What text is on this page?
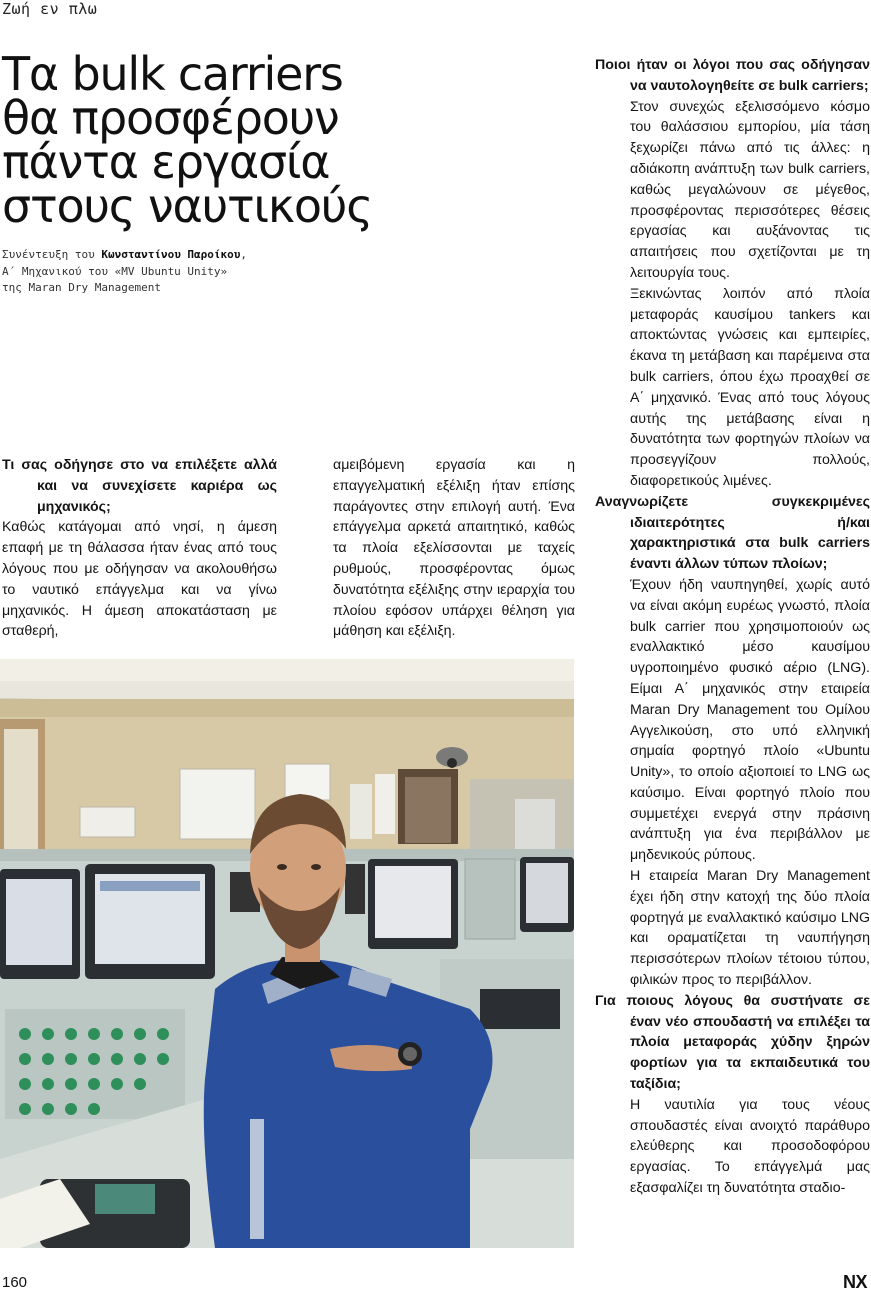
Ζωή εν πλω
Τα bulk carriers
θα προσφέρουν
πάντα εργασία
στους ναυτικούς
Συνέντευξη του Κωνσταντίνου Παροίκου,
Α΄ Μηχανικού του «MV Ubuntu Unity»
της Maran Dry Management

Τι σας οδήγησε στο να επιλέξετε αλλά και να συνεχίσετε καριέρα ως μηχανικός;

Καθώς κατάγομαι από νησί, η άμεση επαφή με τη θάλασσα ήταν ένας από τους λόγους που με οδήγησαν να ακολουθήσω το ναυτικό επάγγελμα και να γίνω μηχανικός. Η άμεση αποκατάσταση με σταθερή,

αμειβόμενη εργασία και η επαγγελματική εξέλιξη ήταν επίσης παράγοντες στην επιλογή αυτή. Ένα επάγγελμα αρκετά απαιτητικό, καθώς τα πλοία εξελίσσονται με ταχείς ρυθμούς, προσφέροντας όμως δυνατότητα εξέλιξης στην ιεραρχία του πλοίου εφόσον υπάρχει θέληση για μάθηση και εξέλιξη.

Ποιοι ήταν οι λόγοι που σας οδήγησαν να ναυτολογηθείτε σε bulk carriers;

Στον συνεχώς εξελισσόμενο κόσμο του θαλάσσιου εμπορίου, μία τάση ξεχωρίζει πάνω από τις άλλες: η αδιάκοπη ανάπτυξη των bulk carriers, καθώς μεγαλώνουν σε μέγεθος, προσφέροντας περισσότερες θέσεις εργασίας και αυξάνοντας τις απαιτήσεις που σχετίζονται με τη λειτουργία τους.

Ξεκινώντας λοιπόν από πλοία μεταφοράς καυσίμου tankers και αποκτώντας γνώσεις και εμπειρίες, έκανα τη μετάβαση και παρέμεινα στα bulk carriers, όπου έχω προαχθεί σε Α΄ μηχανικό. Ένας από τους λόγους αυτής της μετάβασης είναι η δυνατότητα των φορτηγών πλοίων να προσεγγίζουν πολλούς, διαφορετικούς λιμένες.

Αναγνωρίζετε συγκεκριμένες ιδιαιτερότητες ή/και χαρακτηριστικά στα bulk carriers έναντι άλλων τύπων πλοίων;

Έχουν ήδη ναυπηγηθεί, χωρίς αυτό να είναι ακόμη ευρέως γνωστό, πλοία bulk carrier που χρησιμοποιούν ως εναλλακτικό μέσο καυσίμου υγροποιημένο φυσικό αέριο (LNG). Είμαι Α΄ μηχανικός στην εταιρεία Maran Dry Management του Ομίλου Αγγελικούση, στο υπό ελληνική σημαία φορτηγό πλοίο «Ubuntu Unity», το οποίο αξιοποιεί το LNG ως καύσιμο. Είναι φορτηγό πλοίο που συμμετέχει ενεργά στην πράσινη ανάπτυξη για ένα περιβάλλον με μηδενικούς ρύπους.

Η εταιρεία Maran Dry Management έχει ήδη στην κατοχή της δύο πλοία φορτηγά με εναλλακτικό καύσιμο LNG και οραματίζεται τη ναυπήγηση περισσότερων πλοίων τέτοιου τύπου, φιλικών προς το περιβάλλον.

Για ποιους λόγους θα συστήνατε σε έναν νέο σπουδαστή να επιλέξει τα πλοία μεταφοράς χύδην ξηρών φορτίων για τα εκπαιδευτικά του ταξίδια;

Η ναυτιλία για τους νέους σπουδαστές είναι ανοιχτό παράθυρο ελεύθερης και προσοδοφόρου εργασίας. Το επάγγελμά μας εξασφαλίζει τη δυνατότητα σταδιο-

160	NX
